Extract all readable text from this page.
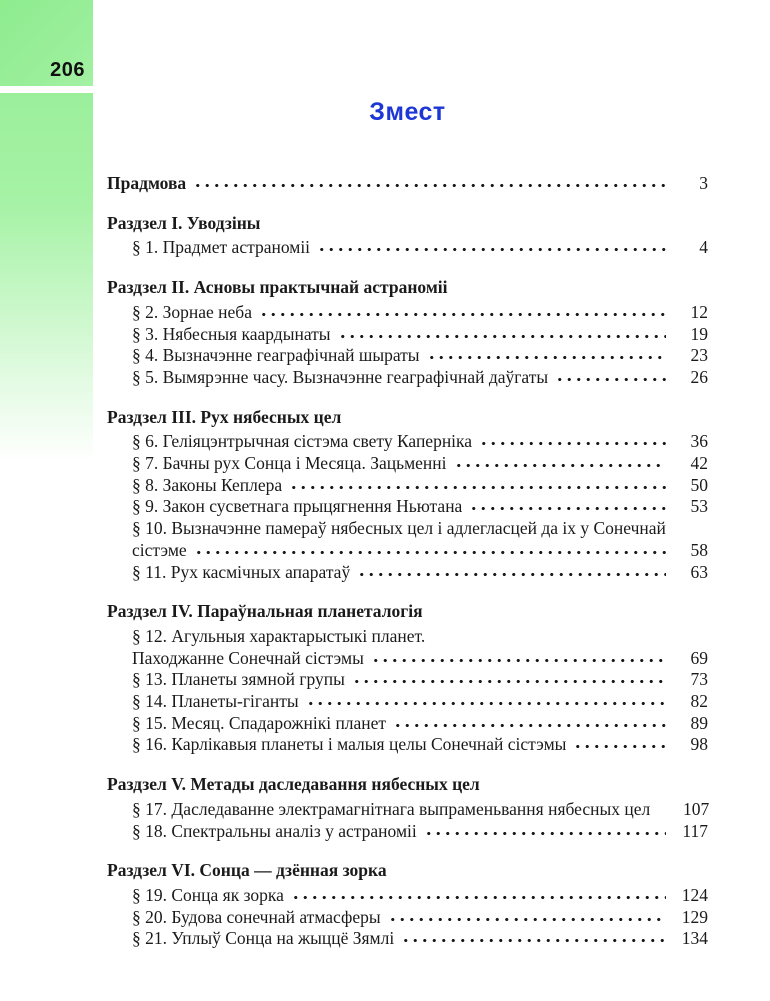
206
Змест
Прадмова	3
Раздзел I. Уводзіны
§ 1. Прадмет астраноміі	4
Раздзел II. Асновы практычнай астраноміі
§ 2. Зорнае неба	12
§ 3. Нябесныя каардынаты	19
§ 4. Вызначэнне геаграфічнай шыраты	23
§ 5. Вымярэнне часу. Вызначэнне геаграфічнай даўгаты	26
Раздзел III. Рух нябесных цел
§ 6. Геліяцэнтрычная сістэма свету Каперніка	36
§ 7. Бачны рух Сонца і Месяца. Зацьменні	42
§ 8. Законы Кеплера	50
§ 9. Закон сусветнага прыцягнення Ньютана	53
§ 10. Вызначэнне памераў нябесных цел і адлегласцей да іх у Сонечнай
сістэме	58
§ 11. Рух касмічных апаратаў	63
Раздзел IV. Параўнальная планеталогія
§ 12. Агульныя характарыстыкі планет.
Паходжанне Сонечнай сістэмы	69
§ 13. Планеты зямной групы	73
§ 14. Планеты-гіганты	82
§ 15. Месяц. Спадарожнікі планет	89
§ 16. Карлікавыя планеты і малыя целы Сонечнай сістэмы	98
Раздзел V. Метады даследавання нябесных цел
§ 17. Даследаванне электрамагнітнага выпраменьвання нябесных цел	107
§ 18. Спектральны аналіз у астраноміі	117
Раздзел VI. Сонца — дзённая зорка
§ 19. Сонца як зорка	124
§ 20. Будова сонечнай атмасферы	129
§ 21. Уплыў Сонца на жыццё Зямлі	134
